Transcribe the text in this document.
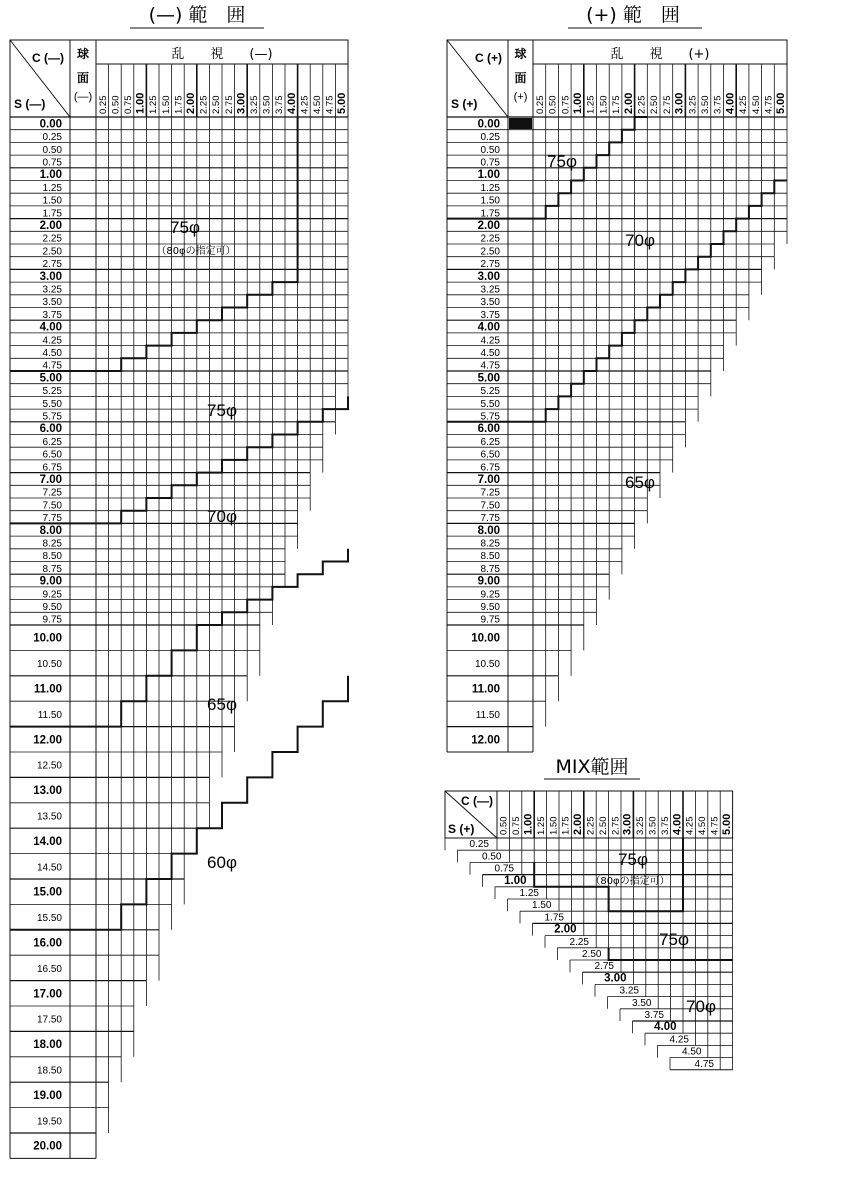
(—) 範　囲	(+) 範　囲
MIX範囲
C (—)
S (—)
球
面
(—)
乱　　視　　(—)
0.25 0.50 0.75 1.00 1.25 1.50 1.75 2.00 2.25 2.50 2.75 3.00 3.25 3.50 3.75 4.00 4.25 4.50 4.75 5.00
0.00
0.25
0.50
0.75
1.00
1.25
1.50
1.75
2.00
2.25
2.50
2.75
3.00
3.25
3.50
3.75
4.00
4.25
4.50
4.75
5.00
5.25
5.50
5.75
6.00
6.25
6.50
6.75
7.00
7.25
7.50
7.75
8.00
8.25
8.50
8.75
9.00
9.25
9.50
9.75
10.00
10.50
11.00
11.50
12.00
12.50
13.00
13.50
14.00
14.50
15.00
15.50
16.00
16.50
17.00
17.50
18.00
18.50
19.00
19.50
20.00
75φ
（80φの指定可）
75φ
70φ
65φ
60φ
C (+)
S (+)
球
面
(+)
乱　　視　　(+)
0.25 0.50 0.75 1.00 1.25 1.50 1.75 2.00 2.25 2.50 2.75 3.00 3.25 3.50 3.75 4.00 4.25 4.50 4.75 5.00
0.00
0.25
0.50
0.75
1.00
1.25
1.50
1.75
2.00
2.25
2.50
2.75
3.00
3.25
3.50
3.75
4.00
4.25
4.50
4.75
5.00
5.25
5.50
5.75
6.00
6.25
6.50
6.75
7.00
7.25
7.50
7.75
8.00
8.25
8.50
8.75
9.00
9.25
9.50
9.75
10.00
10.50
11.00
11.50
12.00
75φ
70φ
65φ
C (—)
S (+)	0.50 0.75 1.00 1.25 1.50 1.75 2.00 2.25 2.50 2.75 3.00 3.25 3.50 3.75 4.00 4.25 4.50 4.75 5.00
0.25
0.50
0.75
1.00
1.25
1.50
1.75
2.00
2.25
2.50
2.75
3.00
3.25
3.50
3.75
4.00
4.25
4.50
4.75
75φ
（80φの指定可）
75φ
70φ
